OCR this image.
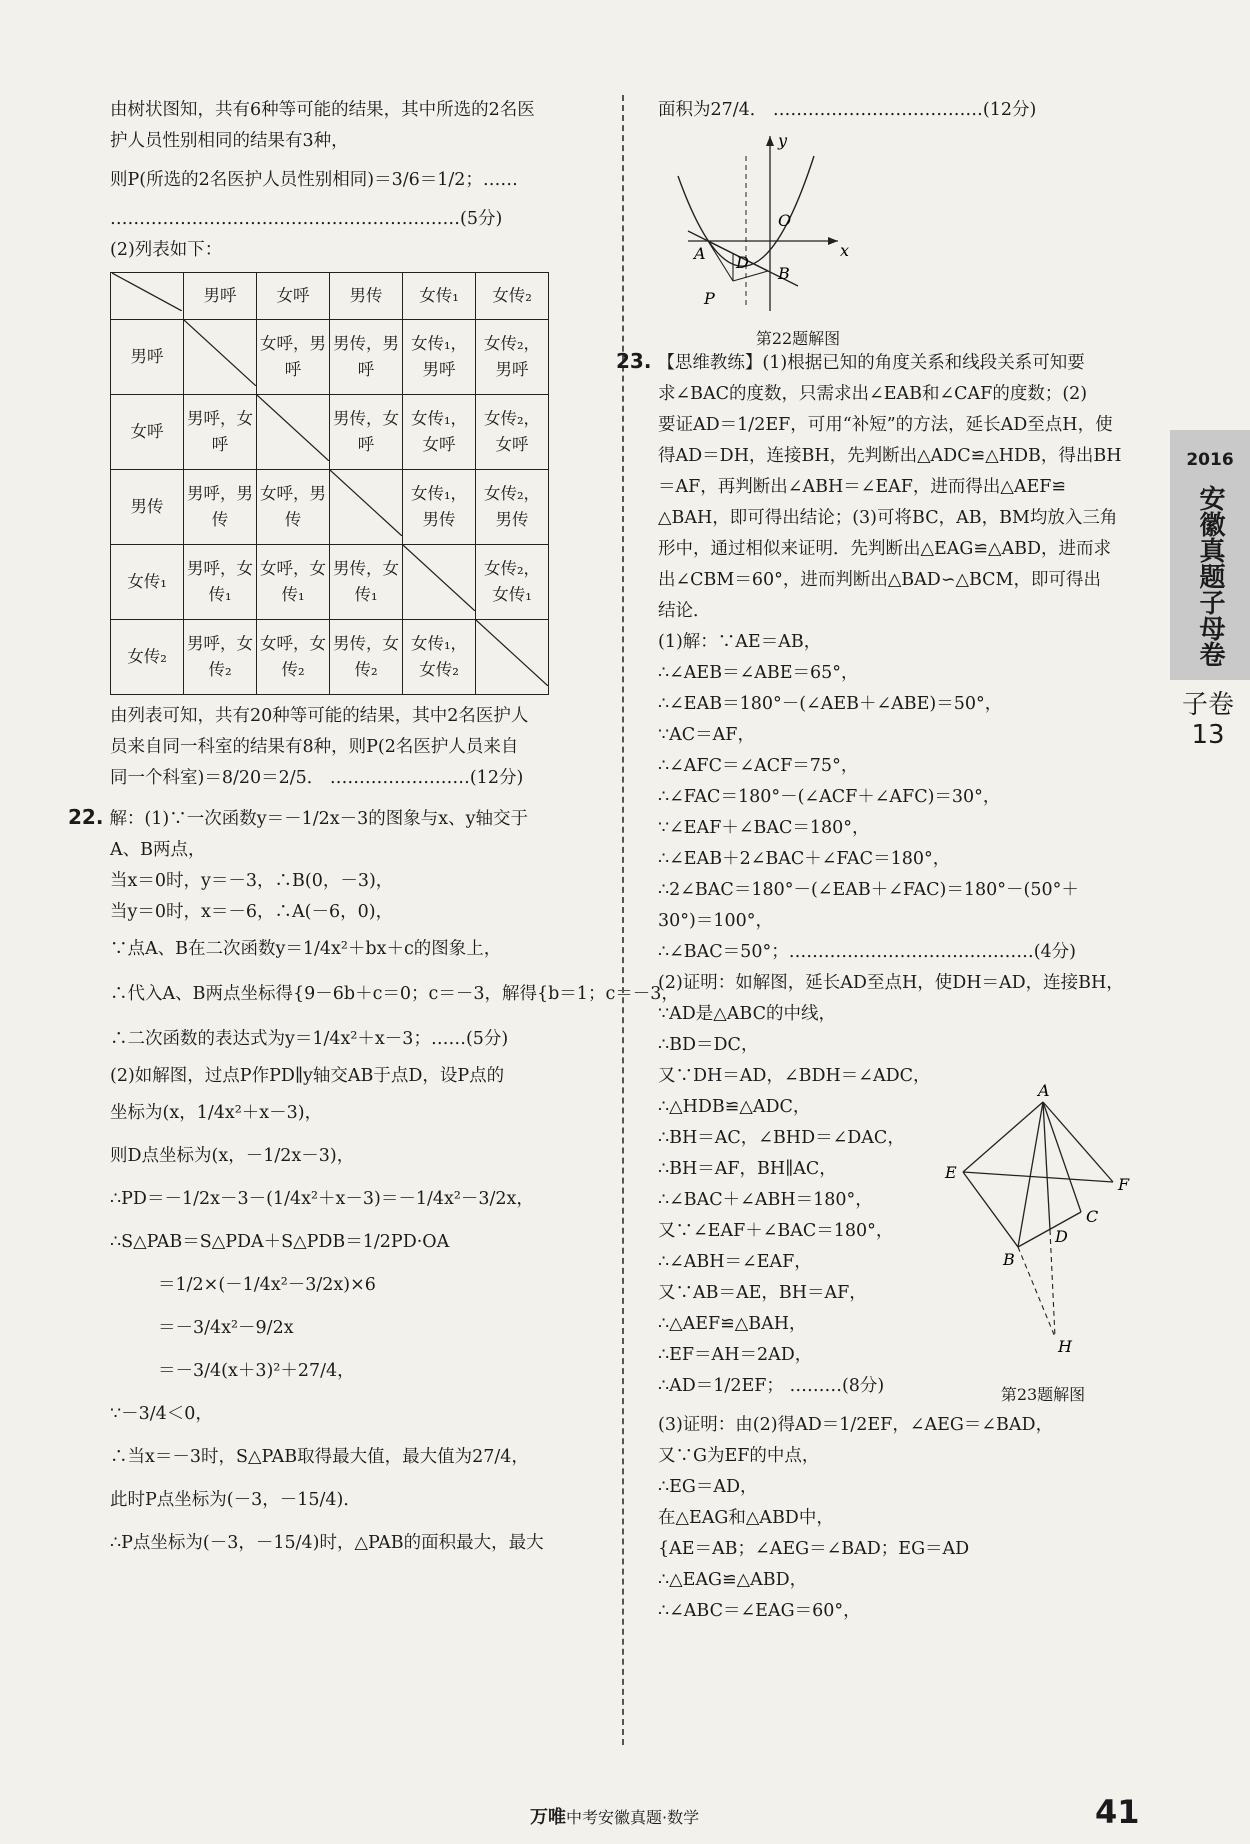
由树状图知，共有6种等可能的结果，其中所选的2名医

护人员性别相同的结果有3种，

则P(所选的2名医护人员性别相同)＝3/6＝1/2；……

……………………………………………………(5分)

(2)列表如下：

	男呼	女呼	男传	女传₁	女传₂
男呼		女呼，男呼	男传，男呼	女传₁，男呼	女传₂，男呼
女呼	男呼，女呼		男传，女呼	女传₁，女呼	女传₂，女呼
男传	男呼，男传	女呼，男传		女传₁，男传	女传₂，男传
女传₁	男呼，女传₁	女呼，女传₁	男传，女传₁		女传₂，女传₁
女传₂	男呼，女传₂	女呼，女传₂	男传，女传₂	女传₁，女传₂	

由列表可知，共有20种等可能的结果，其中2名医护人

员来自同一科室的结果有8种，则P(2名医护人员来自

同一个科室)＝8/20＝2/5． ……………………(12分)

22. 解：(1)∵一次函数y＝－1/2x－3的图象与x、y轴交于

A、B两点，

当x＝0时，y＝－3，∴B(0，－3)，

当y＝0时，x＝－6，∴A(－6，0)，

∵点A、B在二次函数y＝1/4x²＋bx＋c的图象上，

∴代入A、B两点坐标得{9－6b＋c＝0；c＝－3，解得{b＝1；c＝－3，

∴二次函数的表达式为y＝1/4x²＋x－3；……(5分)

(2)如解图，过点P作PD∥y轴交AB于点D，设P点的

坐标为(x，1/4x²＋x－3)，

则D点坐标为(x，－1/2x－3)，

∴PD＝－1/2x－3－(1/4x²＋x－3)＝－1/4x²－3/2x，

∴S△PAB＝S△PDA＋S△PDB＝1/2PD·OA

＝1/2×(－1/4x²－3/2x)×6

＝－3/4x²－9/2x

＝－3/4(x＋3)²＋27/4，

∵－3/4＜0，

∴当x＝－3时，S△PAB取得最大值，最大值为27/4，

此时P点坐标为(－3，－15/4)．

∴P点坐标为(－3，－15/4)时，△PAB的面积最大，最大

面积为27/4． ………………………………(12分)

y
x
O
A D
B
P
第22题解图

23. 【思维教练】(1)根据已知的角度关系和线段关系可知要

求∠BAC的度数，只需求出∠EAB和∠CAF的度数；(2)

要证AD＝1/2EF，可用“补短”的方法，延长AD至点H，使

得AD＝DH，连接BH，先判断出△ADC≌△HDB，得出BH

＝AF，再判断出∠ABH＝∠EAF，进而得出△AEF≌

△BAH，即可得出结论；(3)可将BC，AB，BM均放入三角

形中，通过相似来证明．先判断出△EAG≌△ABD，进而求

出∠CBM＝60°，进而判断出△BAD∽△BCM，即可得出

结论．

(1)解：∵AE＝AB，

∴∠AEB＝∠ABE＝65°，

∴∠EAB＝180°－(∠AEB＋∠ABE)＝50°，

∵AC＝AF，

∴∠AFC＝∠ACF＝75°，

∴∠FAC＝180°－(∠ACF＋∠AFC)＝30°，

∵∠EAF＋∠BAC＝180°，

∴∠EAB＋2∠BAC＋∠FAC＝180°，

∴2∠BAC＝180°－(∠EAB＋∠FAC)＝180°－(50°＋

30°)＝100°，

∴∠BAC＝50°；……………………………………(4分)

(2)证明：如解图，延长AD至点H，使DH＝AD，连接BH，

∵AD是△ABC的中线，

∴BD＝DC，

又∵DH＝AD，∠BDH＝∠ADC，

∴△HDB≌△ADC，

∴BH＝AC，∠BHD＝∠DAC，

∴BH＝AF，BH∥AC，

∴∠BAC＋∠ABH＝180°，

又∵∠EAF＋∠BAC＝180°，

∴∠ABH＝∠EAF，

又∵AB＝AE，BH＝AF，

∴△AEF≌△BAH，

∴EF＝AH＝2AD，

∴AD＝1/2EF； ………(8分)

A
E
F
C
D
B
H
第23题解图

(3)证明：由(2)得AD＝1/2EF，∠AEG＝∠BAD，

又∵G为EF的中点，

∴EG＝AD，

在△EAG和△ABD中，

{AE＝AB；∠AEG＝∠BAD；EG＝AD

∴△EAG≌△ABD，

∴∠ABC＝∠EAG＝60°，

2016
安徽真题子母卷
子卷13
万唯中考安徽真题·数学	41
